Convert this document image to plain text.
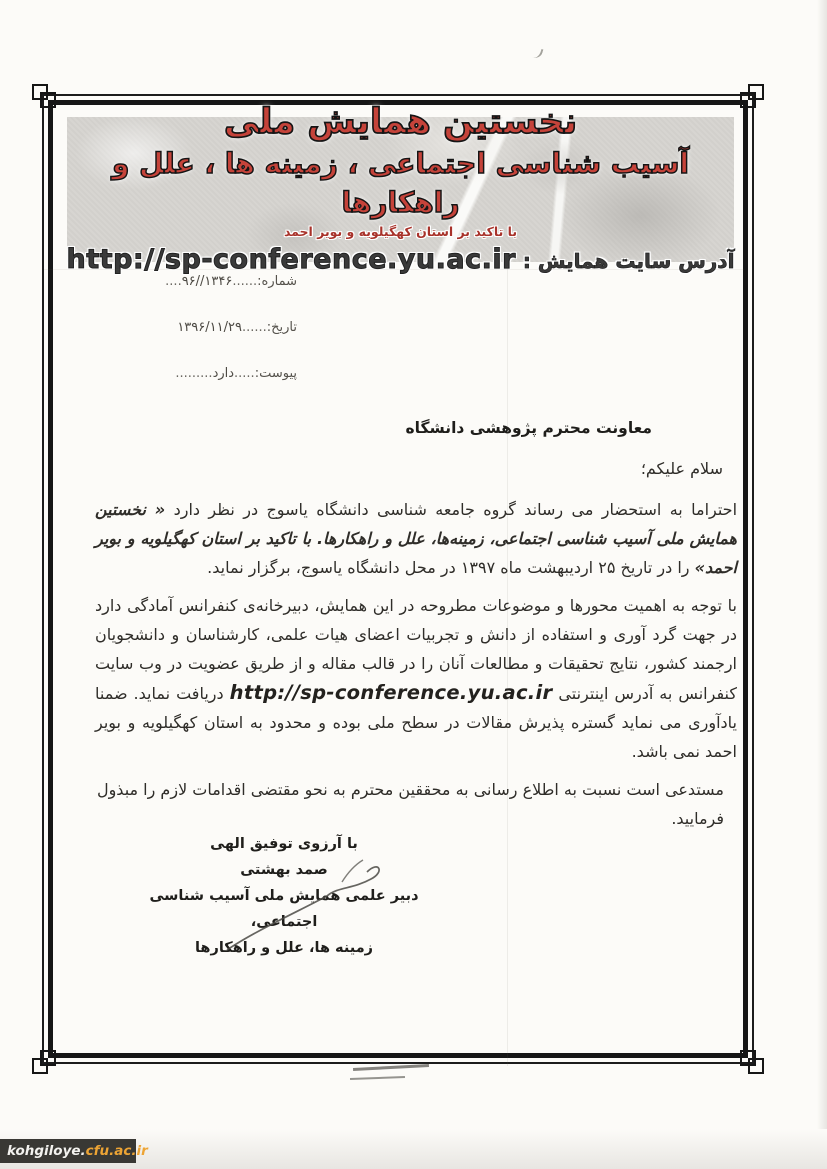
نخستین همایش ملی
آسیب شناسی اجتماعی ، زمینه ها ، علل و راهکارها
با تاکید بر استان کهگیلویه و بویر احمد
آدرس سایت همایش : http://sp-conference.yu.ac.ir
شماره:......۹۶//۱۳۴۶....
تاریخ:......۱۳۹۶/۱۱/۲۹
پیوست:.....دارد.........
معاونت محترم پژوهشی دانشگاه
سلام علیکم؛

احتراما به استحضار می رساند گروه جامعه شناسی دانشگاه یاسوج در نظر دارد « نخستین همایش ملی آسیب شناسی اجتماعی، زمینه‌ها، علل و راهکارها. با تاکید بر استان کهگیلویه و بویر احمد» را در تاریخ ۲۵ اردیبهشت ماه ۱۳۹۷ در محل دانشگاه یاسوج، برگزار نماید.

با توجه به اهمیت محورها و موضوعات مطروحه در این همایش، دبیرخانه‌ی کنفرانس آمادگی دارد در جهت گرد آوری و استفاده از دانش و تجربیات اعضای هیات علمی، کارشناسان و دانشجویان ارجمند کشور، نتایج تحقیقات و مطالعات آنان را در قالب مقاله و از طریق عضویت در وب سایت کنفرانس به آدرس اینترنتی http://sp-conference.yu.ac.ir دریافت نماید. ضمنا یادآوری می نماید گستره پذیرش مقالات در سطح ملی بوده و محدود به استان کهگیلویه و بویر احمد نمی باشد.

مستدعی است نسبت به اطلاع رسانی به محققین محترم به نحو مقتضی اقدامات لازم را مبذول فرمایید.

با آرزوی توفیق الهی
صمد بهشتی
دبیر علمی همایش ملی آسیب شناسی اجتماعی،
زمینه ها، علل و راهکارها
kohgiloye. cfu.ac.ir
